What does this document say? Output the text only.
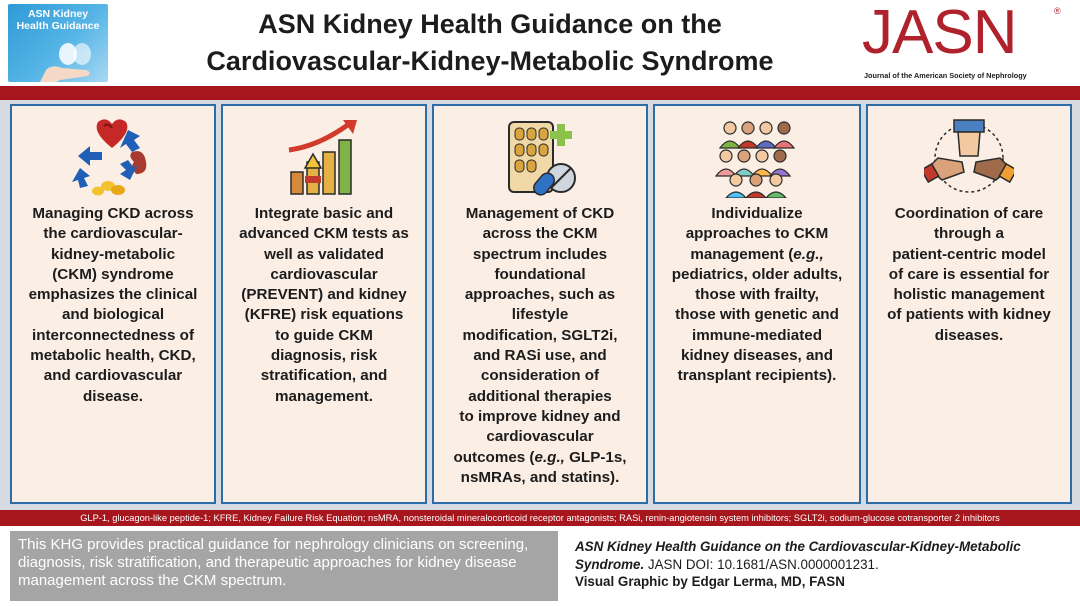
ASN Kidney
Health Guidance	ASN Kidney Health Guidance on the
Cardiovascular-Kidney-Metabolic Syndrome	JASN	®
Journal of the American Society of Nephrology
Managing CKD across
the cardiovascular-
kidney-metabolic
(CKM) syndrome
emphasizes the clinical
and biological
interconnectedness of
metabolic health, CKD,
and cardiovascular
disease.
Integrate basic and
advanced CKM tests as
well as validated
cardiovascular
(PREVENT) and kidney
(KFRE) risk equations
to guide CKM
diagnosis, risk
stratification, and
management.
Management of CKD
across the CKM
spectrum includes
foundational
approaches, such as
lifestyle
modification, SGLT2i,
and RASi use, and
consideration of
additional therapies
to improve kidney and
cardiovascular
outcomes (e.g., GLP-1s,
nsMRAs, and statins).
Individualize
approaches to CKM
management (e.g.,
pediatrics, older adults,
those with frailty,
those with genetic and
immune-mediated
kidney diseases, and
transplant recipients).
Coordination of care
through a
patient-centric model
of care is essential for
holistic management
of patients with kidney
diseases.
GLP-1, glucagon-like peptide-1; KFRE, Kidney Failure Risk Equation; nsMRA, nonsteroidal mineralocorticoid receptor antagonists; RASi, renin-angiotensin system inhibitors; SGLT2i, sodium-glucose cotransporter 2 inhibitors
This KHG provides practical guidance for nephrology clinicians on screening, diagnosis, risk stratification, and therapeutic approaches for kidney disease management across the CKM spectrum.
ASN Kidney Health Guidance on the Cardiovascular-Kidney-Metabolic Syndrome. JASN DOI: 10.1681/ASN.0000001231.
Visual Graphic by Edgar Lerma, MD, FASN
